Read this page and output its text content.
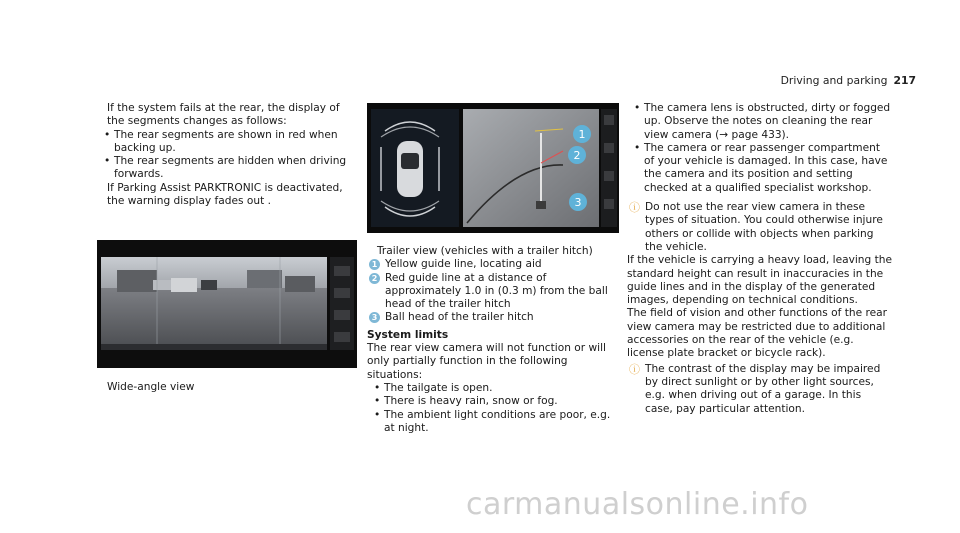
Driving and parking 217

If the system fails at the rear, the display of the segments changes as follows:

• The rear segments are shown in red when backing up.
• The rear segments are hidden when driving forwards.

If Parking Assist PARKTRONIC is deactivated, the warning display fades out .

Wide-angle view

1
2
3

Trailer view (vehicles with a trailer hitch)

1 Yellow guide line, locating aid
2 Red guide line at a distance of approximately 1.0 in (0.3 m) from the ball head of the trailer hitch
3 Ball head of the trailer hitch

System limits

The rear view camera will not function or will only partially function in the following situations:

• The tailgate is open.
• There is heavy rain, snow or fog.
• The ambient light conditions are poor, e.g. at night.
• The camera lens is obstructed, dirty or fogged up. Observe the notes on cleaning the rear view camera (→ page 433).
• The camera or rear passenger compartment of your vehicle is damaged. In this case, have the camera and its position and setting checked at a qualified specialist workshop.
ⓘ Do not use the rear view camera in these types of situation. You could otherwise injure others or collide with objects when parking the vehicle.

If the vehicle is carrying a heavy load, leaving the standard height can result in inaccuracies in the guide lines and in the display of the generated images, depending on technical conditions.

The field of vision and other functions of the rear view camera may be restricted due to additional accessories on the rear of the vehicle (e.g. license plate bracket or bicycle rack).

ⓘ The contrast of the display may be impaired by direct sunlight or by other light sources, e.g. when driving out of a garage. In this case, pay particular attention.
carmanualsonline.info
